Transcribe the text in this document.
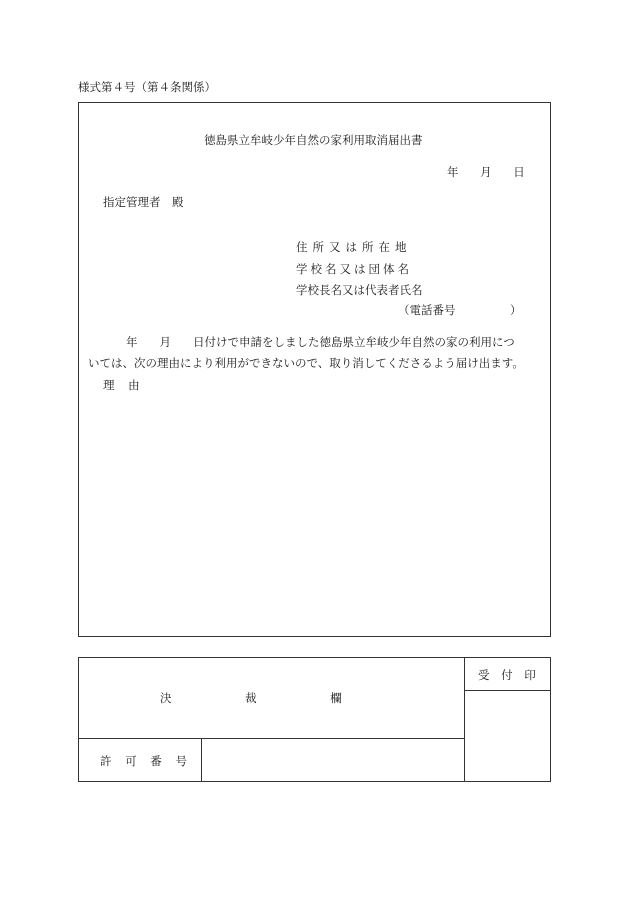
様式第４号（第４条関係）
徳島県立牟岐少年自然の家利用取消届出書
年 月 日
指定管理者　殿
住所又は所在地
学校名又は団体名
学校長名又は代表者氏名
（電話番号	）
年 月 日付けで申請をしました徳島県立牟岐少年自然の家の利用につ
いては、次の理由により利用ができないので、取り消してくださるよう届け出ます。
理 由
決 裁 欄
受 付 印
許 可 番 号
